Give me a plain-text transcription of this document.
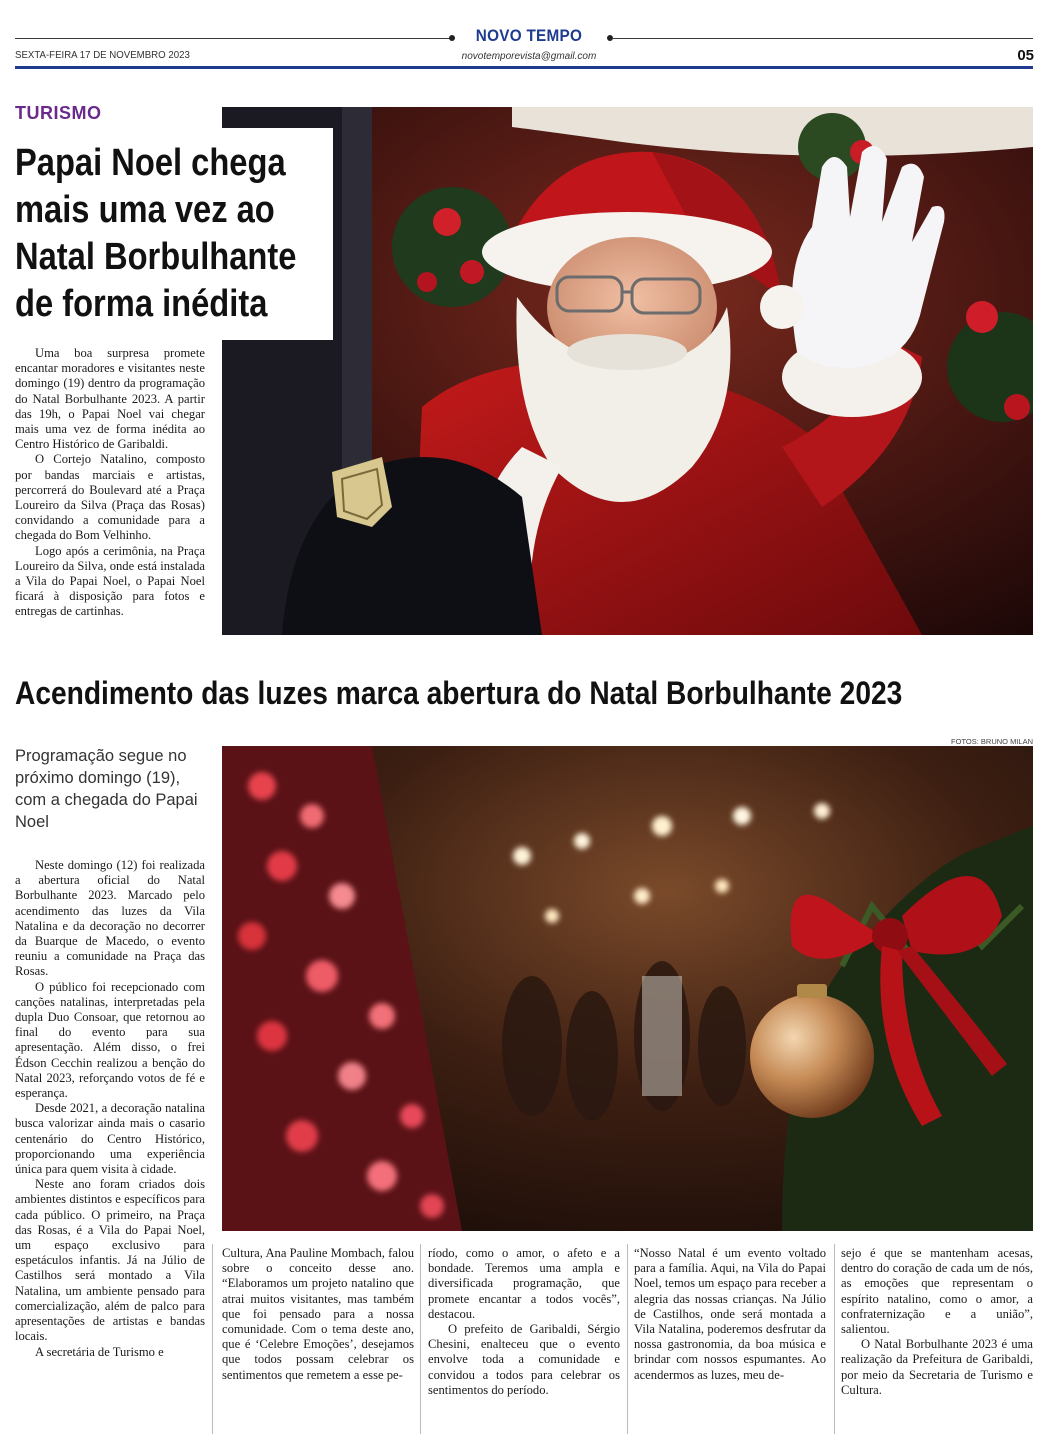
NOVO TEMPO
SEXTA-FEIRA 17 DE NOVEMBRO 2023	novotemporevista@gmail.com	05
TURISMO
Papai Noel chega mais uma vez ao Natal Borbulhante de forma inédita

Uma boa surpresa promete encantar moradores e visitantes neste domingo (19) dentro da programação do Natal Borbulhante 2023. A partir das 19h, o Papai Noel vai chegar mais uma vez de forma inédita ao Centro Histórico de Garibaldi.

O Cortejo Natalino, composto por bandas marciais e artistas, percorrerá do Boulevard até a Praça Loureiro da Silva (Praça das Rosas) convidando a comunidade para a chegada do Bom Velhinho.

Logo após a cerimônia, na Praça Loureiro da Silva, onde está instalada a Vila do Papai Noel, o Papai Noel ficará à disposição para fotos e entregas de cartinhas.

Acendimento das luzes marca abertura do Natal Borbulhante 2023
FOTOS: BRUNO MILAN
Programação segue no próximo domingo (19), com a chegada do Papai Noel

Neste domingo (12) foi realizada a abertura oficial do Natal Borbulhante 2023. Marcado pelo acendimento das luzes da Vila Natalina e da decoração no decorrer da Buarque de Macedo, o evento reuniu a comunidade na Praça das Rosas.

O público foi recepcionado com canções natalinas, interpretadas pela dupla Duo Consoar, que retornou ao final do evento para sua apresentação. Além disso, o frei Édson Cecchin realizou a benção do Natal 2023, reforçando votos de fé e esperança.

Desde 2021, a decoração natalina busca valorizar ainda mais o casario centenário do Centro Histórico, proporcionando uma experiência única para quem visita à cidade.

Neste ano foram criados dois ambientes distintos e específicos para cada público. O primeiro, na Praça das Rosas, é a Vila do Papai Noel, um espaço exclusivo para espetáculos infantis. Já na Júlio de Castilhos será montado a Vila Natalina, um ambiente pensado para comercialização, além de palco para apresentações de artistas e bandas locais.

A secretária de Turismo e

Cultura, Ana Pauline Mombach, falou sobre o conceito desse ano. “Elaboramos um projeto natalino que atrai muitos visitantes, mas também que foi pensado para a nossa comunidade. Com o tema deste ano, que é ‘Celebre Emoções’, desejamos que todos possam celebrar os sentimentos que remetem a esse pe-

ríodo, como o amor, o afeto e a bondade. Teremos uma ampla e diversificada programação, que promete encantar a todos vocês”, destacou.

O prefeito de Garibaldi, Sérgio Chesini, enalteceu que o evento envolve toda a comunidade e convidou a todos para celebrar os sentimentos do período.

“Nosso Natal é um evento voltado para a família. Aqui, na Vila do Papai Noel, temos um espaço para receber a alegria das nossas crianças. Na Júlio de Castilhos, onde será montada a Vila Natalina, poderemos desfrutar da nossa gastronomia, da boa música e brindar com nossos espumantes. Ao acendermos as luzes, meu de-

sejo é que se mantenham acesas, dentro do coração de cada um de nós, as emoções que representam o espírito natalino, como o amor, a confraternização e a união”, salientou.

O Natal Borbulhante 2023 é uma realização da Prefeitura de Garibaldi, por meio da Secretaria de Turismo e Cultura.
